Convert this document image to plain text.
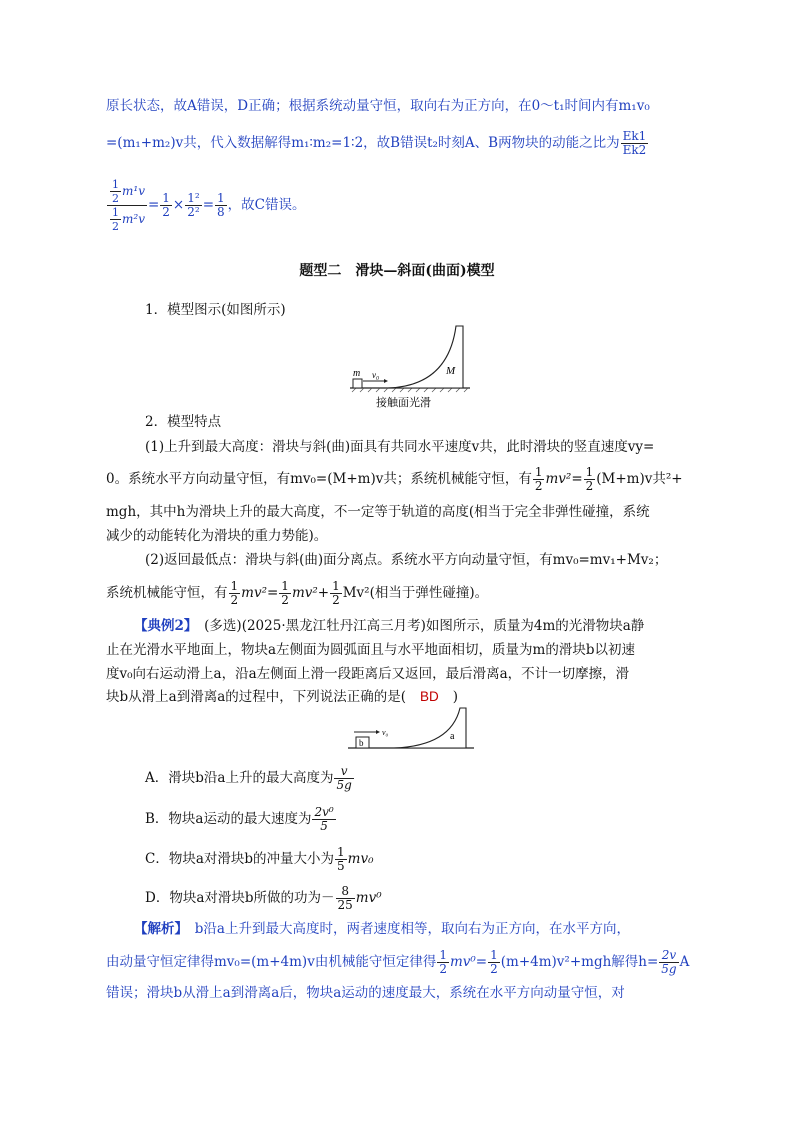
原长状态，故A错误，D正确；根据系统动量守恒，取向右为正方向，在0～t₁时间内有m₁v₀
=(m₁+m₂)v共，代入数据解得m₁∶m₂=1∶2，故B错误t₂时刻A、B两物块的动能之比为 $\frac{Ek1}{Ek2}$
$\frac{\frac{1}{2} m^1v}{\frac{1}{2} m^2v} = \frac{1}{2} \times \frac{\text{1²}}{\text{2²}} = \frac{1}{8}$ ，故C错误。
题型二　滑块—斜面(曲面)模型
1．模型图示(如图所示)
m v₀	M
接触面光滑
2．模型特点
(1)上升到最大高度：滑块与斜(曲)面具有共同水平速度v共，此时滑块的竖直速度vy=
0。系统水平方向动量守恒，有mv₀=(M+m)v共；系统机械能守恒，有 $\frac{1}{2} mv^2= \frac{1}{2} (M+m)v$共²+
mgh，其中h为滑块上升的最大高度，不一定等于轨道的高度(相当于完全非弹性碰撞，系统
减少的动能转化为滑块的重力势能)。
(2)返回最低点：滑块与斜(曲)面分离点。系统水平方向动量守恒，有mv₀=mv₁+Mv₂；
系统机械能守恒，有 $\frac{1}{2} mv^2= \frac{1}{2} mv^2+ \frac{1}{2} Mv^2$(相当于弹性碰撞)。
【典例2】　(多选)(2025·黑龙江牡丹江高三月考)如图所示，质量为4m的光滑物块a静
止在光滑水平地面上，物块a左侧面为圆弧面且与水平地面相切，质量为m的滑块b以初速
度v₀向右运动滑上a，沿a左侧面上滑一段距离后又返回，最后滑离a，不计一切摩擦，滑
块b从滑上a到滑离a的过程中，下列说法正确的是( BD )
b
v₀	a
A．滑块b沿a上升的最大高度为 $\frac{v}{5g}$
B．物块a运动的最大速度为 $\frac{\text{2v⁰}}{5}$
C．物块a对滑块b的冲量大小为 $\frac{1}{5} mv_0$
D．物块a对滑块b所做的功为－ $\frac{8}{25} mv^0$
【解析】　b沿a上升到最大高度时，两者速度相等，取向右为正方向，在水平方向，
由动量守恒定律得mv₀=(m+4m)v由机械能守恒定律得 $\frac{1}{2} mv^0= \frac{1}{2} (m+4m)v^2+mgh$解得$h= \frac{2v}{5g}$ A
错误；滑块b从滑上a到滑离a后，物块a运动的速度最大，系统在水平方向动量守恒，对
